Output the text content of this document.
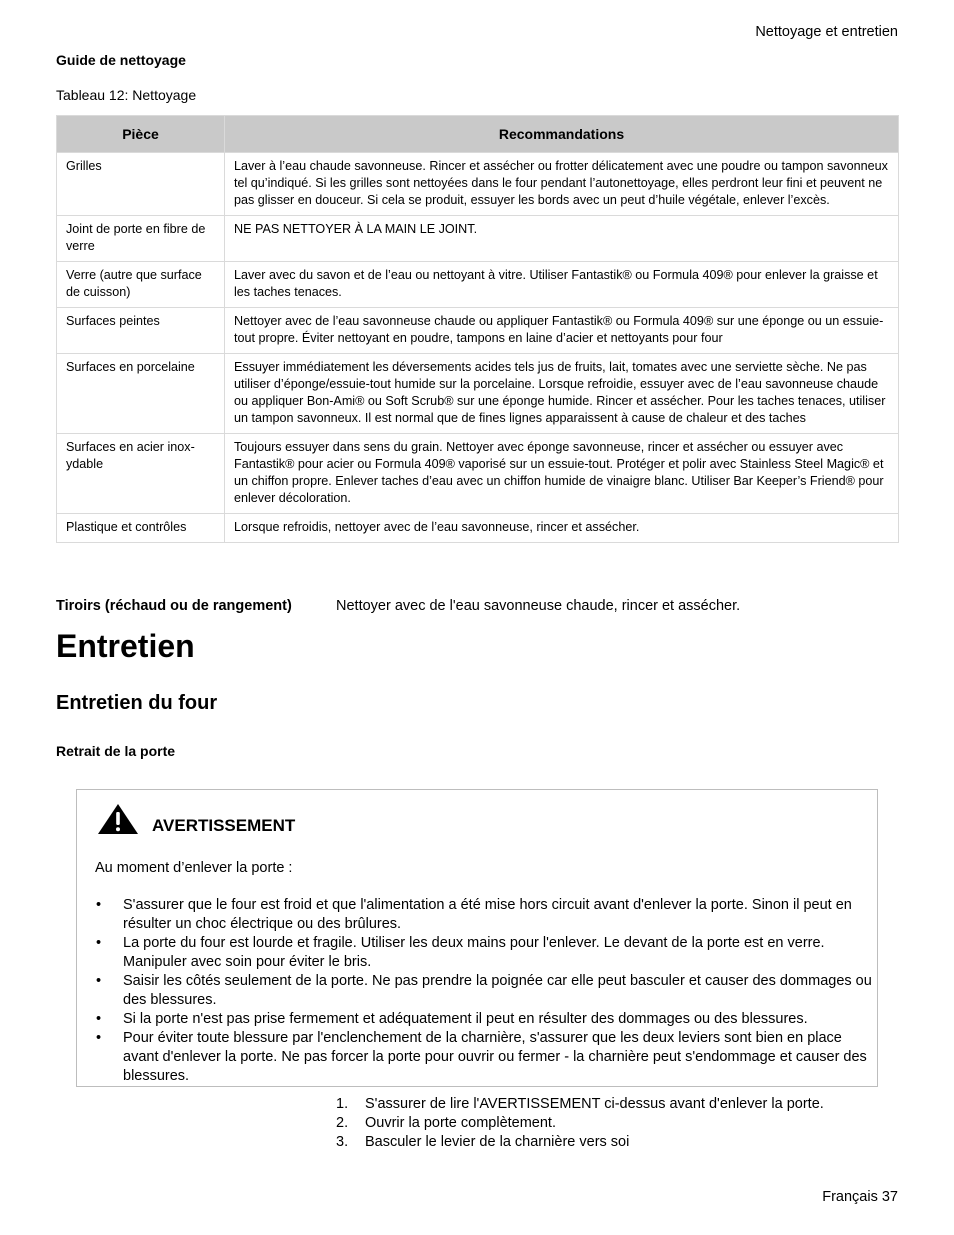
Nettoyage et entretien
Guide de nettoyage
Tableau 12: Nettoyage
Pièce	Recommandations
Grilles	Laver à l’eau chaude savonneuse. Rincer et assécher ou frotter délicatement avec une poudre ou tampon savonneux tel qu’indiqué. Si les grilles sont nettoyées dans le four pendant l’autonettoyage, elles perdront leur fini et peuvent ne pas glisser en douceur. Si cela se produit, essuyer les bords avec un peut d’huile végétale, enlever l’excès.
Joint de porte en fibre de verre	NE PAS NETTOYER À LA MAIN LE JOINT.
Verre (autre que surface de cuisson)	Laver avec du savon et de l’eau ou nettoyant à vitre. Utiliser Fantastik® ou Formula 409® pour enlever la graisse et les taches tenaces.
Surfaces peintes	Nettoyer avec de l’eau savonneuse chaude ou appliquer Fantastik® ou Formula 409® sur une éponge ou un essuie-tout propre. Éviter nettoyant en poudre, tampons en laine d’acier et nettoyants pour four
Surfaces en porcelaine	Essuyer immédiatement les déversements acides tels jus de fruits, lait, tomates avec une serviette sèche. Ne pas utiliser d’éponge/essuie-tout humide sur la porcelaine. Lorsque refroidie, essuyer avec de l’eau savonneuse chaude ou appliquer Bon-Ami® ou Soft Scrub® sur une éponge humide. Rincer et assécher. Pour les taches tenaces, utiliser un tampon savonneux. Il est normal que de fines lignes apparaissent à cause de chaleur et des taches
Surfaces en acier inoxydable	Toujours essuyer dans sens du grain. Nettoyer avec éponge savonneuse, rincer et assécher ou essuyer avec Fantastik® pour acier ou Formula 409® vaporisé sur un essuie-tout. Protéger et polir avec Stainless Steel Magic® et un chiffon propre. Enlever taches d’eau avec un chiffon humide de vinaigre blanc. Utiliser Bar Keeper’s Friend® pour enlever décoloration.
Plastique et contrôles	Lorsque refroidis, nettoyer avec de l’eau savonneuse, rincer et assécher.
Tiroirs (réchaud ou de rangement)	Nettoyer avec de l'eau savonneuse chaude, rincer et assécher.
Entretien
Entretien du four
Retrait de la porte
AVERTISSEMENT
Au moment d’enlever la porte :
• S'assurer que le four est froid et que l'alimentation a été mise hors circuit avant d'enlever la porte. Sinon il peut en résulter un choc électrique ou des brûlures.
• La porte du four est lourde et fragile. Utiliser les deux mains pour l'enlever. Le devant de la porte est en verre. Manipuler avec soin pour éviter le bris.
• Saisir les côtés seulement de la porte. Ne pas prendre la poignée car elle peut basculer et causer des dommages ou des blessures.
• Si la porte n'est pas prise fermement et adéquatement il peut en résulter des dommages ou des blessures.
• Pour éviter toute blessure par l'enclenchement de la charnière, s'assurer que les deux leviers sont bien en place avant d'enlever la porte. Ne pas forcer la porte pour ouvrir ou fermer - la charnière peut s'endommage et causer des blessures.
1. S'assurer de lire l'AVERTISSEMENT ci-dessus avant d'enlever la porte.
2. Ouvrir la porte complètement.
3. Basculer le levier de la charnière vers soi
Français 37
